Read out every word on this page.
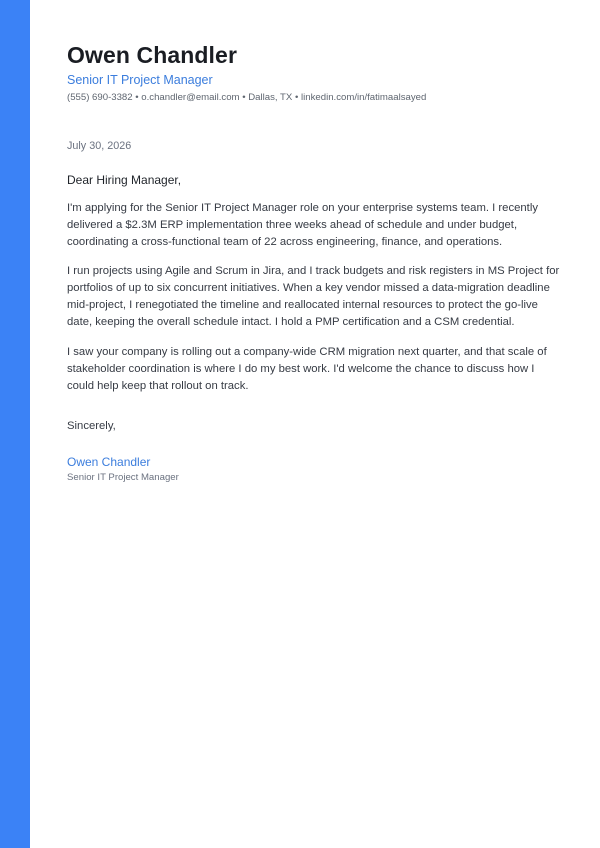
Owen Chandler
Senior IT Project Manager
(555) 690-3382 • o.chandler@email.com • Dallas, TX • linkedin.com/in/fatimaalsayed
July 30, 2026
Dear Hiring Manager,

I'm applying for the Senior IT Project Manager role on your enterprise systems team. I recently delivered a $2.3M ERP implementation three weeks ahead of schedule and under budget, coordinating a cross-functional team of 22 across engineering, finance, and operations.

I run projects using Agile and Scrum in Jira, and I track budgets and risk registers in MS Project for portfolios of up to six concurrent initiatives. When a key vendor missed a data-migration deadline mid-project, I renegotiated the timeline and reallocated internal resources to protect the go-live date, keeping the overall schedule intact. I hold a PMP certification and a CSM credential.

I saw your company is rolling out a company-wide CRM migration next quarter, and that scale of stakeholder coordination is where I do my best work. I'd welcome the chance to discuss how I could help keep that rollout on track.

Sincerely,
Owen Chandler
Senior IT Project Manager
